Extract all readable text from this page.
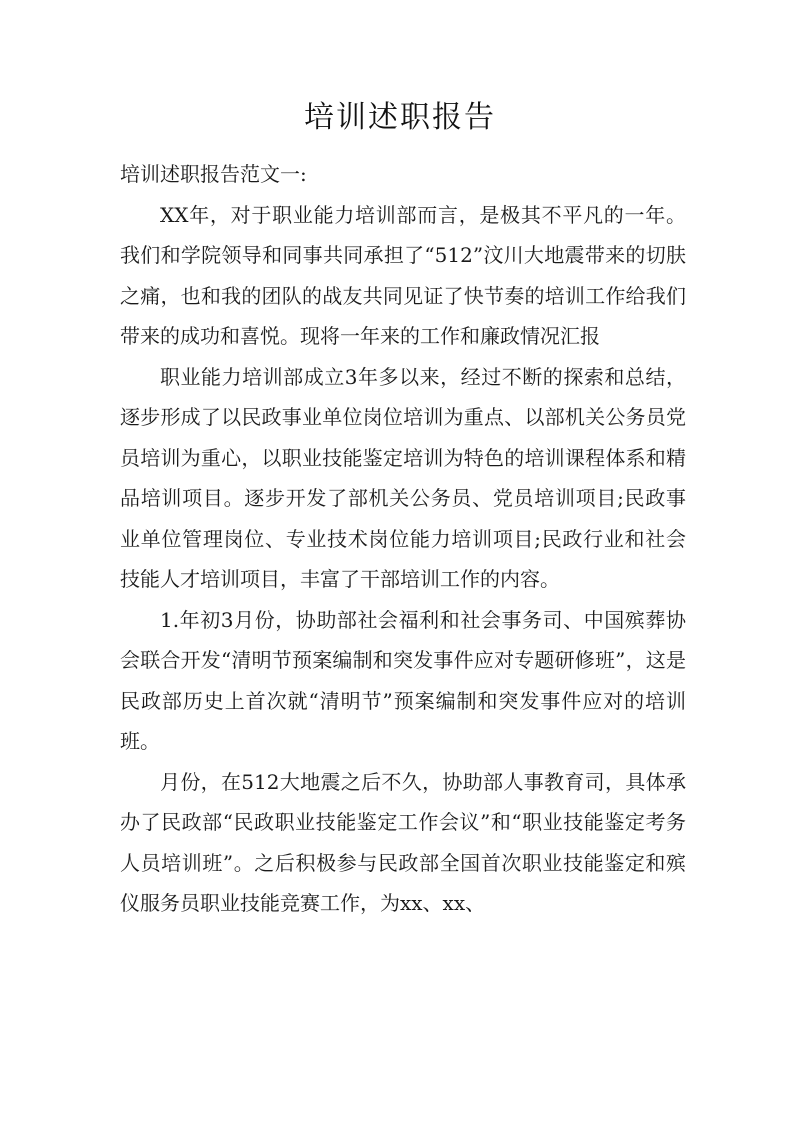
培训述职报告

培训述职报告范文一:

XX年，对于职业能力培训部而言，是极其不平凡的一年。我们和学院领导和同事共同承担了“512”汶川大地震带来的切肤之痛，也和我的团队的战友共同见证了快节奏的培训工作给我们带来的成功和喜悦。现将一年来的工作和廉政情况汇报

职业能力培训部成立3年多以来，经过不断的探索和总结，逐步形成了以民政事业单位岗位培训为重点、以部机关公务员党员培训为重心，以职业技能鉴定培训为特色的培训课程体系和精品培训项目。逐步开发了部机关公务员、党员培训项目;民政事业单位管理岗位、专业技术岗位能力培训项目;民政行业和社会技能人才培训项目，丰富了干部培训工作的内容。

1.年初3月份，协助部社会福利和社会事务司、中国殡葬协会联合开发“清明节预案编制和突发事件应对专题研修班”，这是民政部历史上首次就“清明节”预案编制和突发事件应对的培训班。

月份，在512大地震之后不久，协助部人事教育司，具体承办了民政部“民政职业技能鉴定工作会议”和“职业技能鉴定考务人员培训班”。之后积极参与民政部全国首次职业技能鉴定和殡仪服务员职业技能竞赛工作，为xx、xx、
